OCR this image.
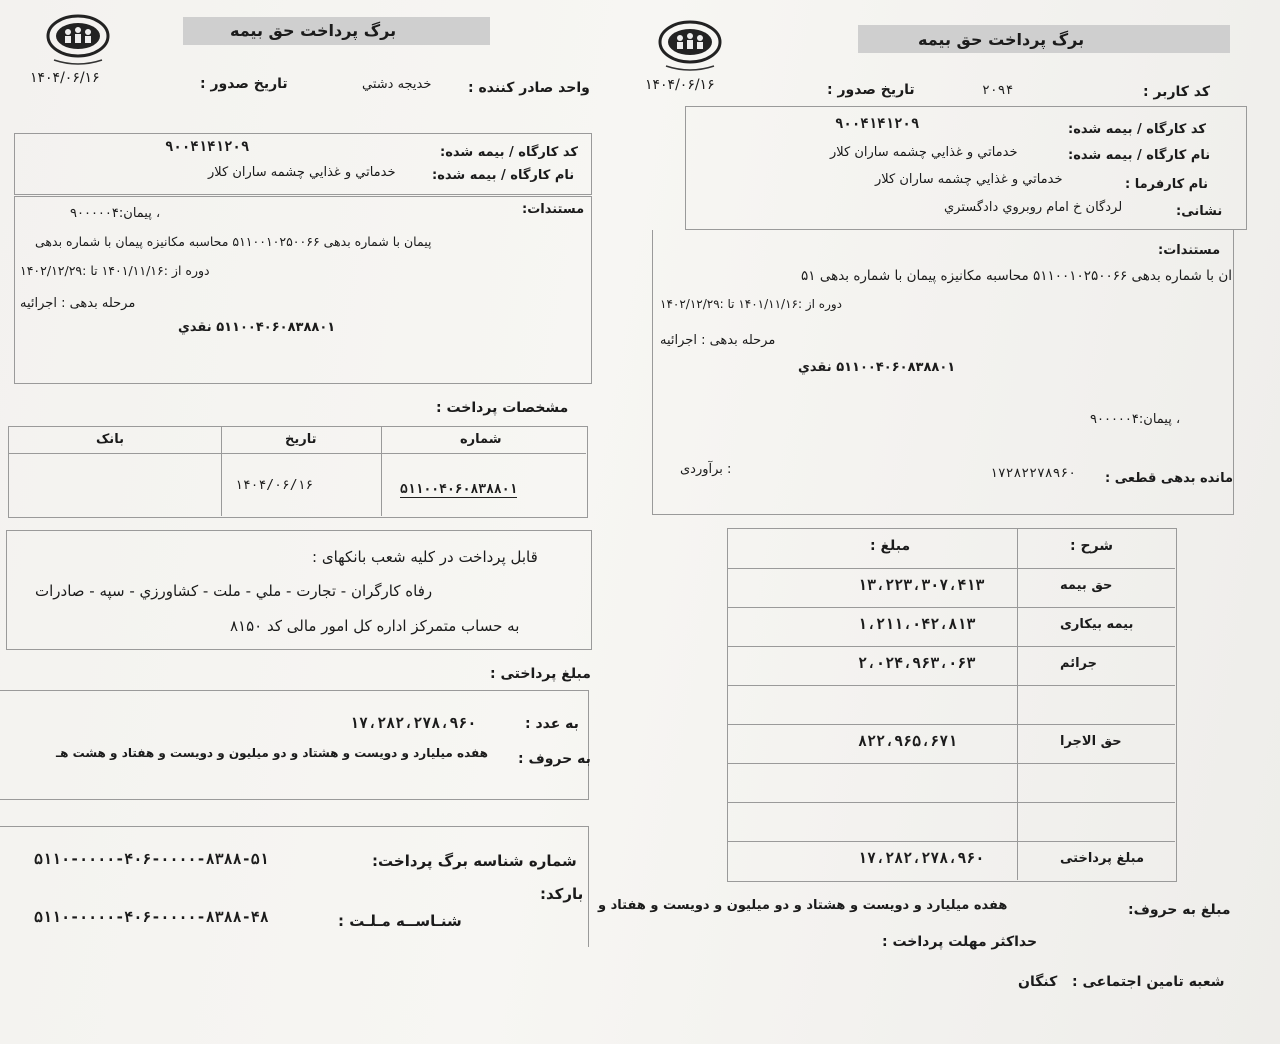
۱۴۰۴/۰۶/۱۶
برگ پرداخت حق بیمه
واحد صادر کننده :
خديجه دشتي
تاريخ صدور :
کد کارگاه / بیمه شده:
۹۰۰۴۱۴۱۲۰۹
نام کارگاه / بیمه شده:
خدماتي و غذايي چشمه ساران کلار
مستندات:
، پيمان:۹۰۰۰۰۰۴
پيمان با شماره بدهی ۵۱۱۰۰۱۰۲۵۰۰۶۶ محاسبه مکانيزه پيمان با شماره بدهی
دوره از :۱۴۰۱/۱۱/۱۶ تا :۱۴۰۲/۱۲/۲۹
مرحله بدهی : اجرائيه
۵۱۱۰۰۴۰۶۰۸۳۸۸۰۱ نقدي
مشخصات پرداخت :
شماره
تاريخ
بانک
۵۱۱۰۰۴۰۶۰۸۳۸۸۰۱
۱۴۰۴/۰۶/۱۶
قابل پرداخت در کليه شعب بانکهای :
رفاه کارگران - تجارت - ملي - ملت - کشاورزي - سپه - صادرات
به حساب متمرکز اداره کل امور مالی کد ۸۱۵۰
مبلغ پرداختی :
به عدد :
۱۷،۲۸۲،۲۷۸،۹۶۰
به حروف :
هفده ميليارد و دويست و هشتاد و دو ميليون و دويست و هفتاد و هشت هـ
شماره شناسه برگ پرداخت:
۵۱۱۰-۰۰۰۰-۴۰۶-۰۰۰۰-۸۳۸۸-۵۱
بارکد:
شنـاســه مـلـت :
۵۱۱۰-۰۰۰۰-۴۰۶-۰۰۰۰-۸۳۸۸-۴۸
۱۴۰۴/۰۶/۱۶
برگ پرداخت حق بیمه
کد کاربر :
۲۰۹۴
تاريخ صدور :
کد کارگاه / بیمه شده:
۹۰۰۴۱۴۱۲۰۹
نام کارگاه / بیمه شده:
خدماتي و غذايي چشمه ساران کلار
نام کارفرما :
خدماتي و غذايي چشمه ساران کلار
نشانی:
لردگان خ امام روبروي دادگستري
مستندات:
ان با شماره بدهی ۵۱۱۰۰۱۰۲۵۰۰۶۶ محاسبه مکانيزه پيمان با شماره بدهی ۵۱
دوره از :۱۴۰۱/۱۱/۱۶ تا :۱۴۰۲/۱۲/۲۹
مرحله بدهی : اجرائيه
۵۱۱۰۰۴۰۶۰۸۳۸۸۰۱ نقدي
، پيمان:۹۰۰۰۰۰۴
مانده بدهی قطعی :
۱۷۲۸۲۲۷۸۹۶۰
: برآوردی
شرح :
مبلغ :
حق بيمه
۱۳،۲۲۳،۳۰۷،۴۱۳
بيمه بيکاری
۱،۲۱۱،۰۴۲،۸۱۳
جرائم
۲،۰۲۴،۹۶۳،۰۶۳
حق الاجرا
۸۲۲،۹۶۵،۶۷۱
مبلغ پرداختی
۱۷،۲۸۲،۲۷۸،۹۶۰
مبلغ به حروف:
هفده ميليارد و دويست و هشتاد و دو ميليون و دويست و هفتاد و
حداکثر مهلت پرداخت :
شعبه تامين اجتماعی :
کنگان
